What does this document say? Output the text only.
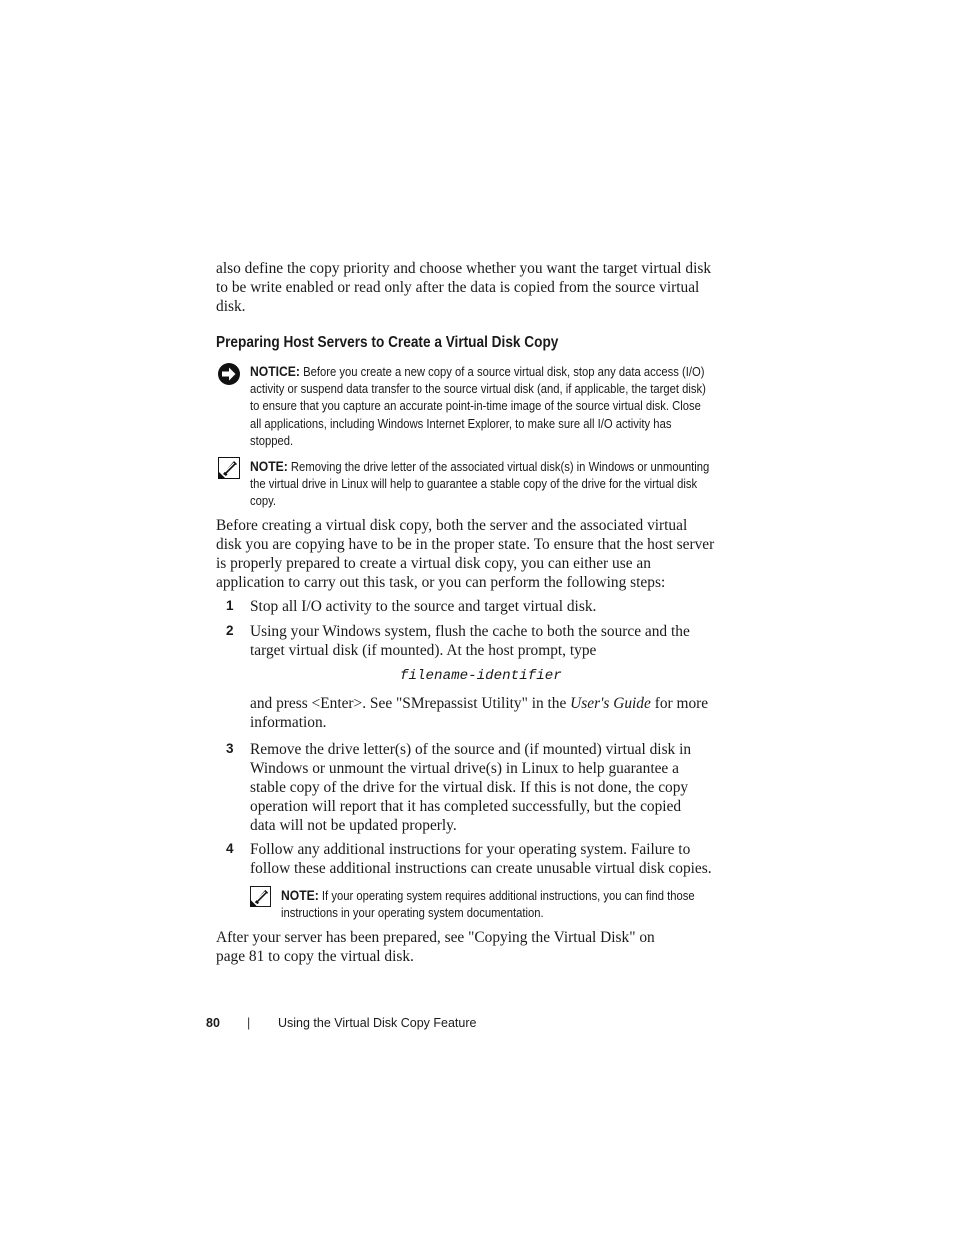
also define the copy priority and choose whether you want the target virtual disk to be write enabled or read only after the data is copied from the source virtual disk.
Preparing Host Servers to Create a Virtual Disk Copy
NOTICE: Before you create a new copy of a source virtual disk, stop any data access (I/O) activity or suspend data transfer to the source virtual disk (and, if applicable, the target disk) to ensure that you capture an accurate point-in-time image of the source virtual disk. Close all applications, including Windows Internet Explorer, to make sure all I/O activity has stopped.
NOTE: Removing the drive letter of the associated virtual disk(s) in Windows or unmounting the virtual drive in Linux will help to guarantee a stable copy of the drive for the virtual disk copy.
Before creating a virtual disk copy, both the server and the associated virtual disk you are copying have to be in the proper state. To ensure that the host server is properly prepared to create a virtual disk copy, you can either use an application to carry out this task, or you can perform the following steps:
1 Stop all I/O activity to the source and target virtual disk.
2 Using your Windows system, flush the cache to both the source and the target virtual disk (if mounted). At the host prompt, type
filename-identifier
and press <Enter>. See "SMrepassist Utility" in the User's Guide for more information.
3 Remove the drive letter(s) of the source and (if mounted) virtual disk in Windows or unmount the virtual drive(s) in Linux to help guarantee a stable copy of the drive for the virtual disk. If this is not done, the copy operation will report that it has completed successfully, but the copied data will not be updated properly.
4 Follow any additional instructions for your operating system. Failure to follow these additional instructions can create unusable virtual disk copies.
NOTE: If your operating system requires additional instructions, you can find those instructions in your operating system documentation.
After your server has been prepared, see "Copying the Virtual Disk" on page 81 to copy the virtual disk.
80 | Using the Virtual Disk Copy Feature
